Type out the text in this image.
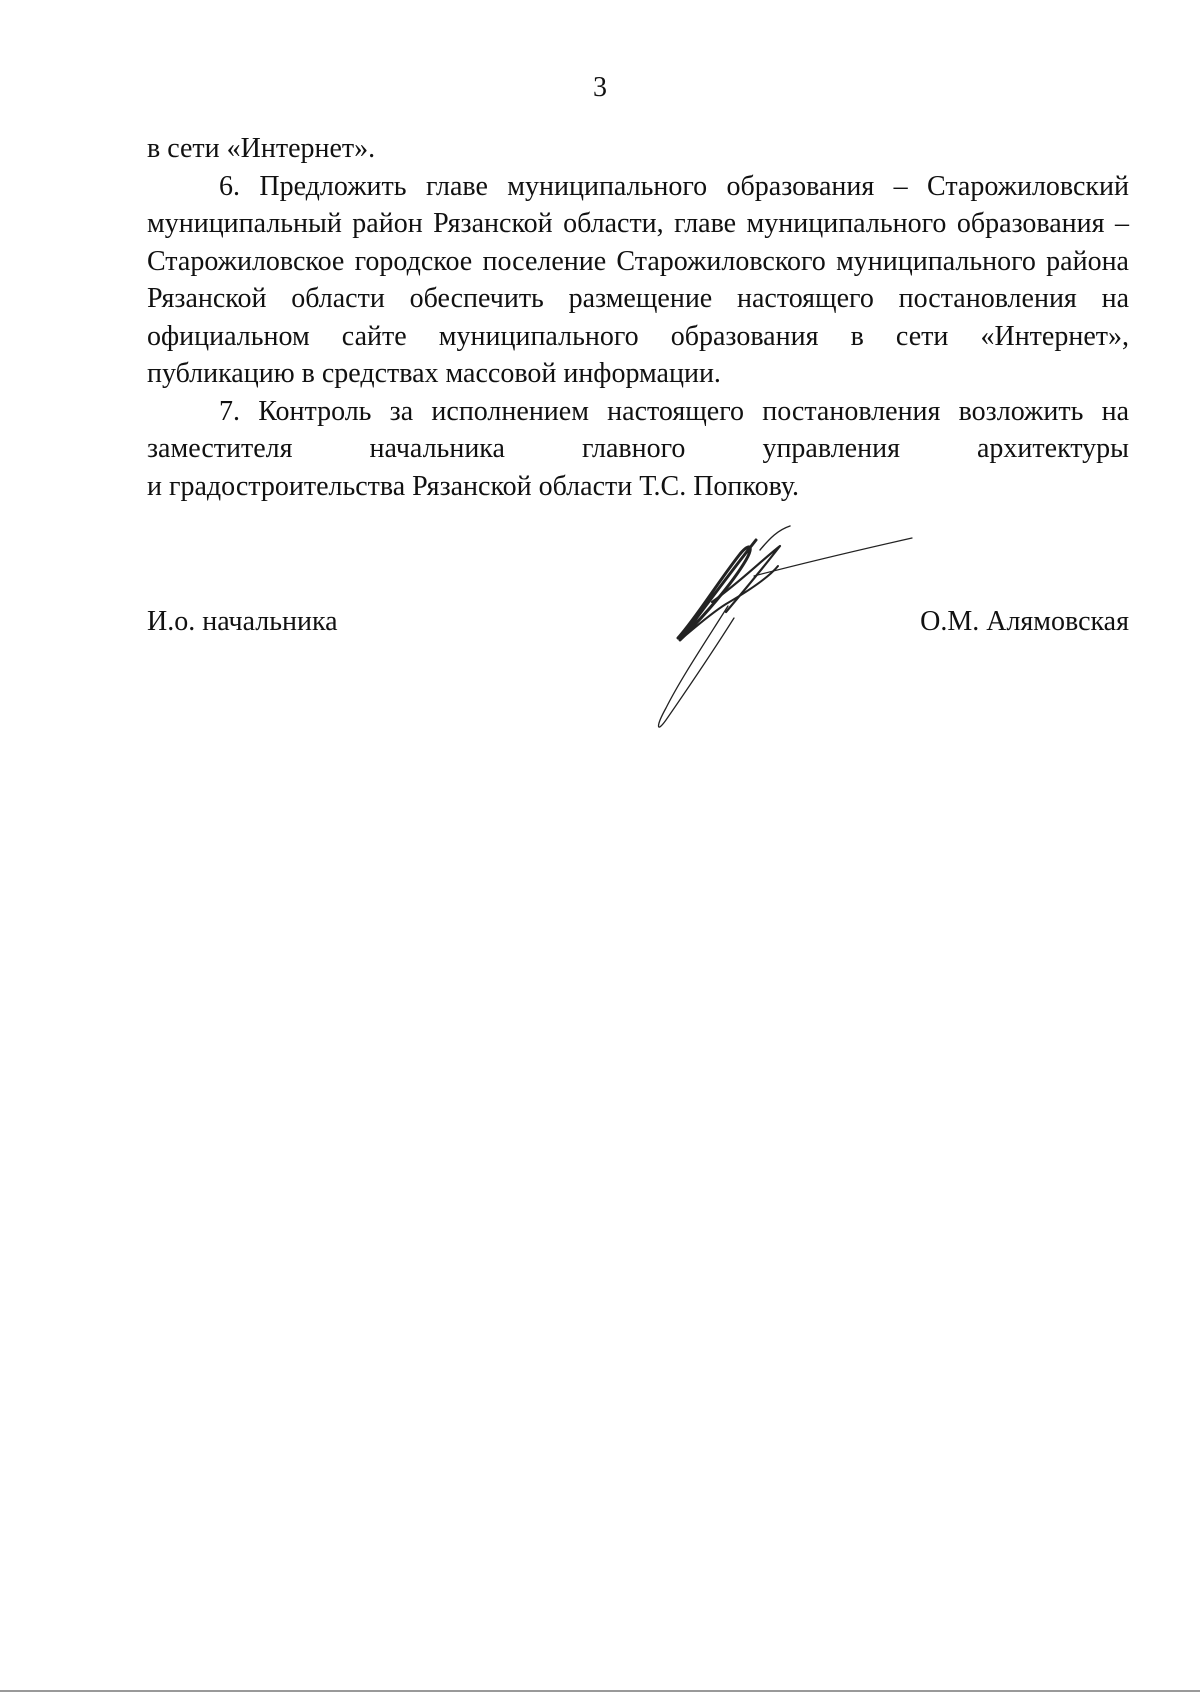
3

в сети «Интернет».

6. Предложить главе муниципального образования – Старожиловский муниципальный район Рязанской области, главе муниципального образования – Старожиловское городское поселение Старожиловского муниципального района Рязанской области обеспечить размещение настоящего постановления на официальном сайте муниципального образования в сети «Интернет», публикацию в средствах массовой информации.

7. Контроль за исполнением настоящего постановления возложить на заместителя начальника главного управления архитектуры

и градостроительства Рязанской области Т.С. Попкову.

И.о. начальника	О.М. Алямовская
